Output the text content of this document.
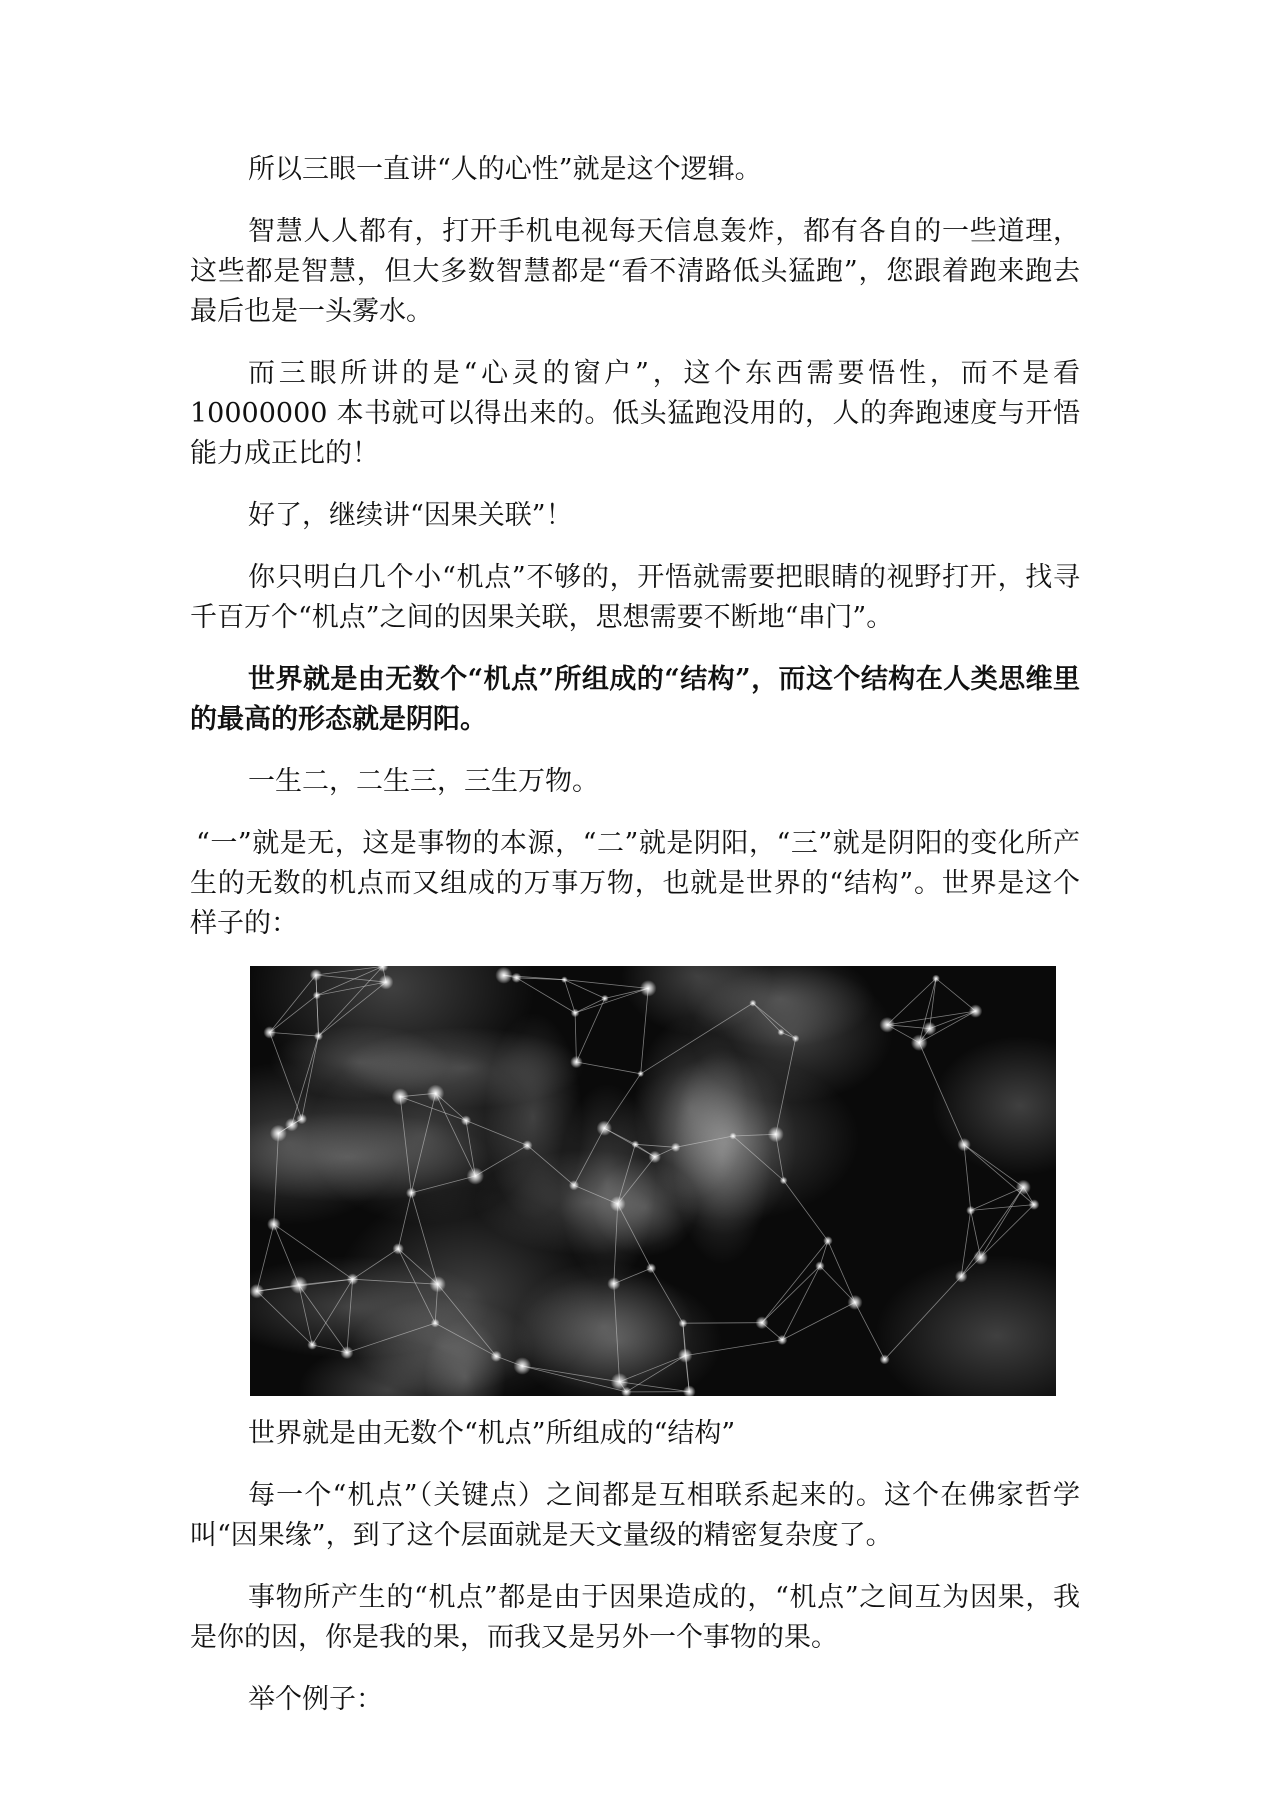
所以三眼一直讲“人的心性”就是这个逻辑。

智慧人人都有，打开手机电视每天信息轰炸，都有各自的一些道理，这些都是智慧，但大多数智慧都是“看不清路低头猛跑”，您跟着跑来跑去最后也是一头雾水。

而三眼所讲的是“心灵的窗户”，这个东西需要悟性，而不是看10000000 本书就可以得出来的。低头猛跑没用的，人的奔跑速度与开悟能力成正比的！

好了，继续讲“因果关联”！

你只明白几个小“机点”不够的，开悟就需要把眼睛的视野打开，找寻千百万个“机点”之间的因果关联，思想需要不断地“串门”。

世界就是由无数个“机点”所组成的“结构”，而这个结构在人类思维里的最高的形态就是阴阳。

一生二，二生三，三生万物。

“一”就是无，这是事物的本源，“二”就是阴阳，“三”就是阴阳的变化所产生的无数的机点而又组成的万事万物，也就是世界的“结构”。世界是这个样子的：

世界就是由无数个“机点”所组成的“结构”

每一个“机点”（关键点）之间都是互相联系起来的。这个在佛家哲学叫“因果缘”，到了这个层面就是天文量级的精密复杂度了。

事物所产生的“机点”都是由于因果造成的，“机点”之间互为因果，我是你的因，你是我的果，而我又是另外一个事物的果。

举个例子：
